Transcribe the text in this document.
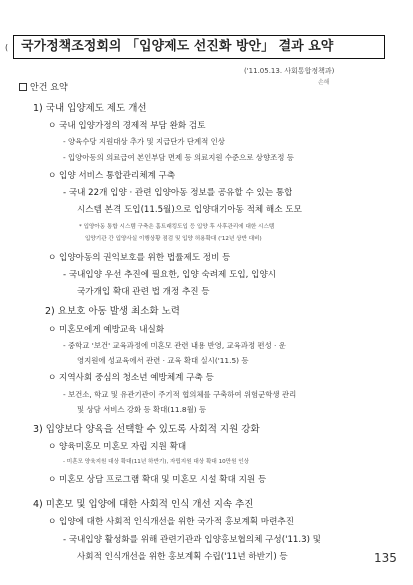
( 국가정책조정회의 「입양제도 선진화 방안」 결과 요약
('11.05.13. 사회통합정책과)
손해
안건 요약
1) 국내 입양제도 제도 개선
ㅇ 국내 입양가정의 경제적 부담 완화 검토
- 양육수당 지원대상 추가 및 지급단가 단계적 인상
- 입양아동의 의료급여 본인부담 면제 등 의료지원 수준으로 상향조정 등
ㅇ 입양 서비스 통합관리체계 구축
- 국내 22개 입양 · 관련 입양아동 정보를 공유할 수 있는 통합
시스템 본격 도입(11.5월)으로 입양대기아동 적체 해소 도모
* 입양아동 통합 시스템 구축은 홈트래킹도입 등 입양 후 사후관리에 대한 시스템
입양기관 간 입양사실 이행상황 점검 및 입양 허용확대 ('12년 상반 대비)
ㅇ 입양아동의 권익보호를 위한 법률제도 정비 등
- 국내입양 우선 추진에 필요한, 입양 숙려제 도입, 입양시
국가개입 확대 관련 법 개정 추진 등
2) 요보호 아동 발생 최소화 노력
ㅇ 미혼모에게 예방교육 내실화
- 중학교 '보건' 교육과정에 미혼모 관련 내용 반영, 교육과정 편성 · 운
영지원에 성교육에서 관련 · 교육 확대 실시('11.5) 등
ㅇ 지역사회 중심의 청소년 예방체계 구축 등
- 보건소, 학교 및 유관기관이 주기적 협의체를 구축하여 위험군학생 관리
및 상담 서비스 강화 등 확대(11.8월) 등
3) 입양보다 양육을 선택할 수 있도록 사회적 지원 강화
ㅇ 양육미혼모 미혼모 자립 지원 확대
- 미혼모 양육지원 대상 확대(11년 하반기), 자립지원 대상 확대 10만원 인상
ㅇ 미혼모 상담 프로그램 확대 및 미혼모 시설 확대 지원 등
4) 미혼모 및 입양에 대한 사회적 인식 개선 지속 추진
ㅇ 입양에 대한 사회적 인식개선을 위한 국가적 홍보계획 마련추진
- 국내입양 활성화를 위해 관련기관과 입양홍보협의체 구성('11.3) 및
사회적 인식개선을 위한 홍보계획 수립('11년 하반기) 등	135
